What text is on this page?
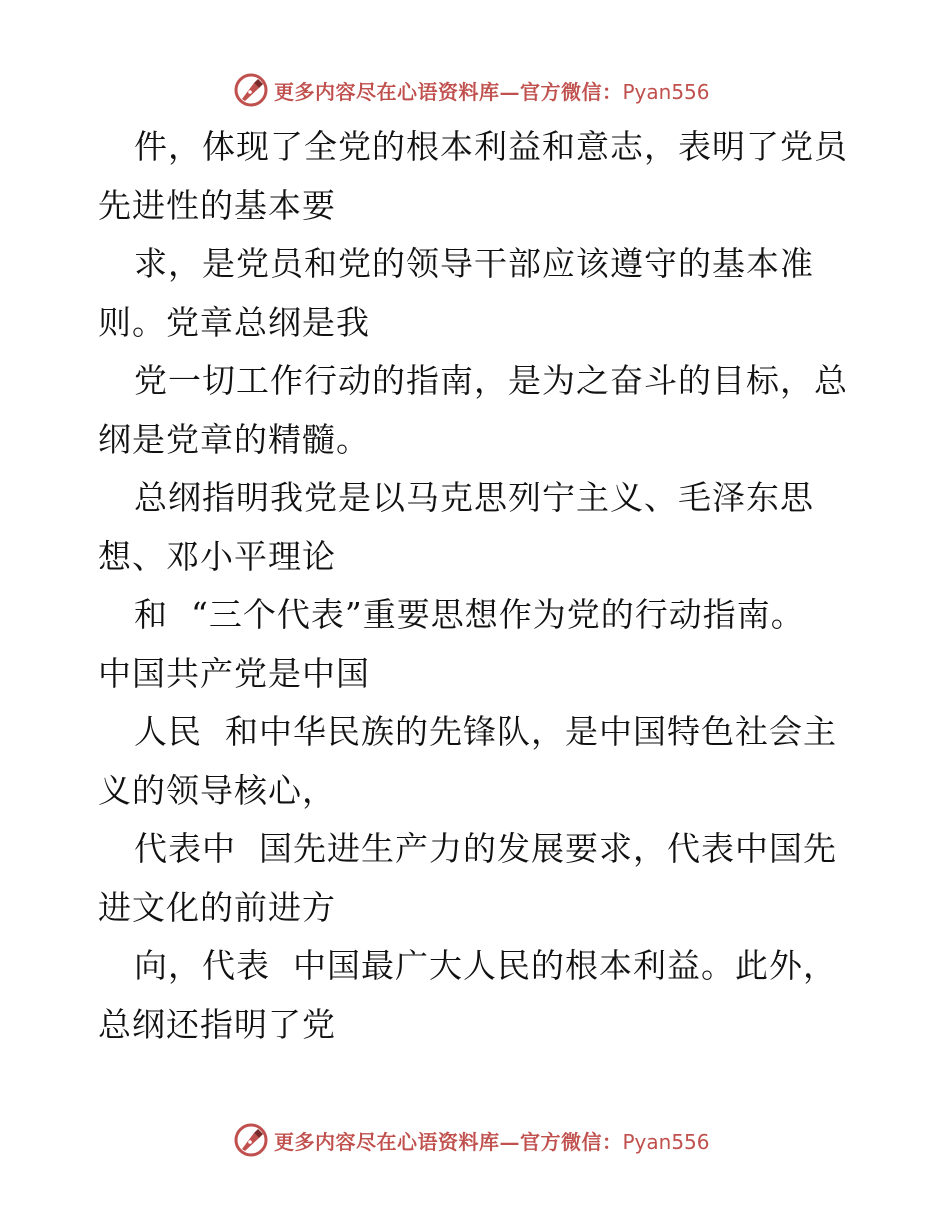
更多内容尽在心语资料库—官方微信：Pyan556
件，体现了全党的根本利益和意志，表明了党员
先进性的基本要
求，是党员和党的领导干部应该遵守的基本准
则。党章总纲是我
党一切工作行动的指南，是为之奋斗的目标，总
纲是党章的精髓。
总纲指明我党是以马克思列宁主义、毛泽东思
想、邓小平理论
和  “三个代表”重要思想作为党的行动指南。
中国共产党是中国
人民  和中华民族的先锋队，是中国特色社会主
义的领导核心，
代表中  国先进生产力的发展要求，代表中国先
进文化的前进方
向，代表  中国最广大人民的根本利益。此外，
总纲还指明了党
更多内容尽在心语资料库—官方微信：Pyan556
